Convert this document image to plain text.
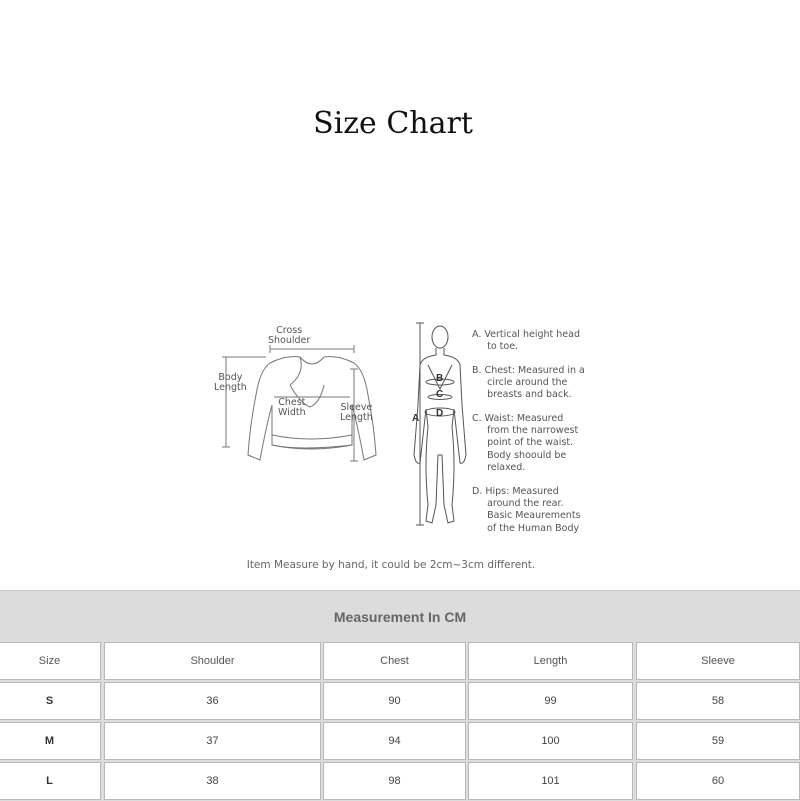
Size Chart
Cross
Shoulder
Body
Length
Chest
Width	Sleeve
Length	A
B
C
D
A. Vertical height head
to toe.
B. Chest: Measured in a
circle around the
breasts and back.
C. Waist: Measured
from the narrowest
point of the waist.
Body shoould be
relaxed.
D. Hips: Measured
around the rear.
Basic Meaurements
of the Human Body
Item Measure by hand, it could be 2cm~3cm different.
Measurement In CM
Size	Shoulder	Chest	Length	Sleeve
S	36	90	99	58
M	37	94	100	59
L	38	98	101	60
